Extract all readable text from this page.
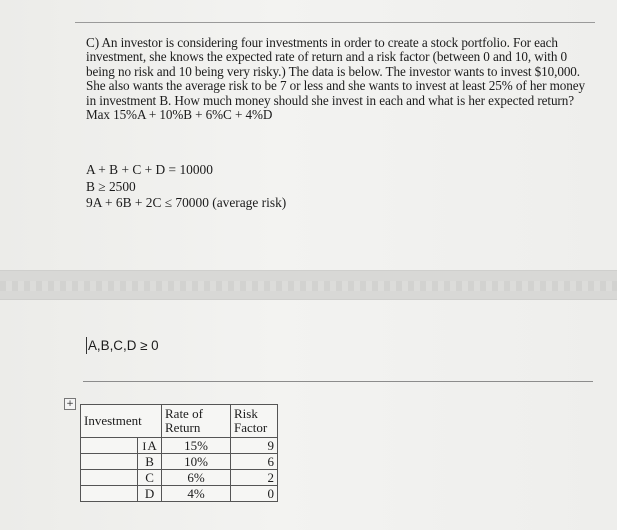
C) An investor is considering four investments in order to create a stock portfolio. For each investment, she knows the expected rate of return and a risk factor (between 0 and 10, with 0 being no risk and 10 being very risky.) The data is below. The investor wants to invest $10,000. She also wants the average risk to be 7 or less and she wants to invest at least 25% of her money in investment B. How much money should she invest in each and what is her expected return?

Max 15%A + 10%B + 6%C + 4%D

A + B + C + D = 10000
B ≥ 2500
9A + 6B + 2C ≤ 70000 (average risk)
A,B,C,D ≥ 0
+
Investment		Rate of Return	Risk Factor
	IA	15%	9
	B	10%	6
	C	6%	2
	D	4%	0
